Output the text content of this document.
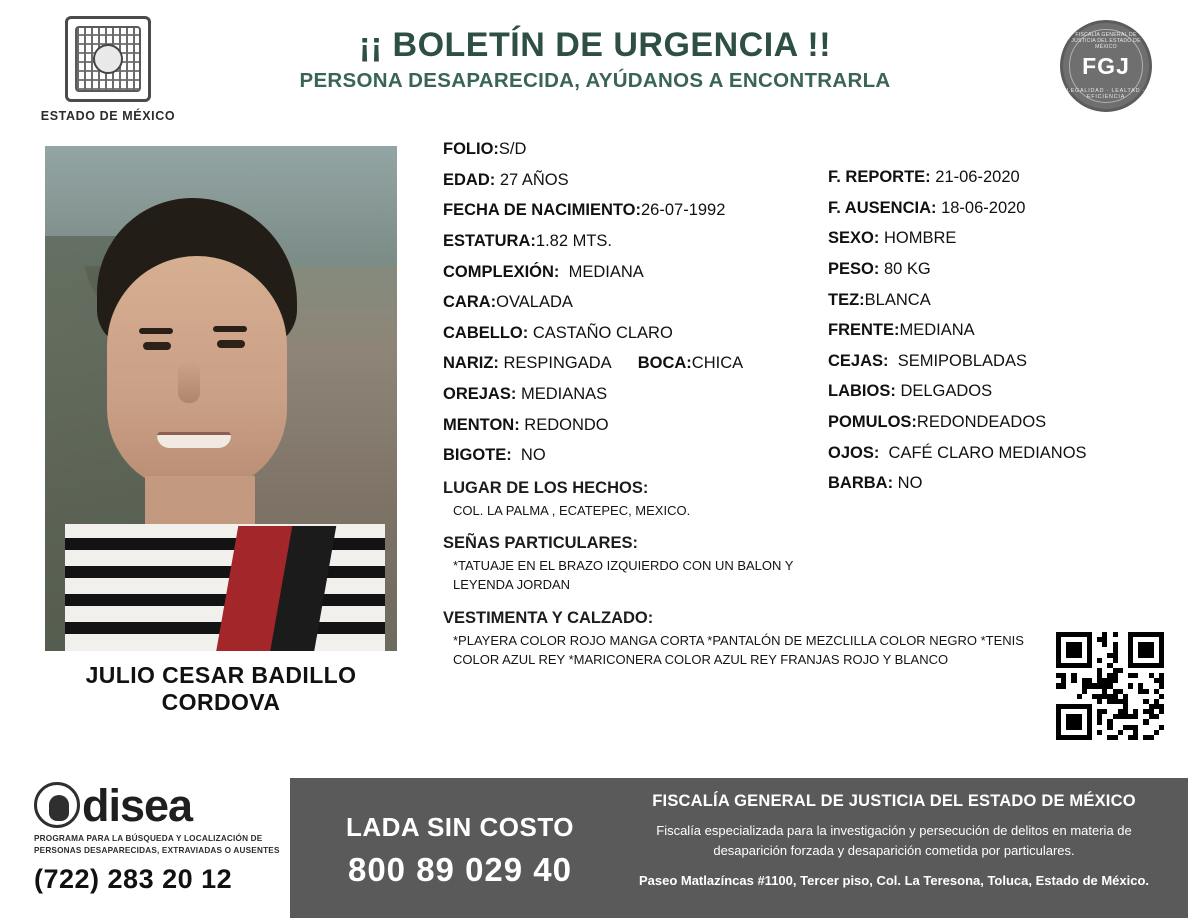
ESTADO DE MÉXICO
¡¡ BOLETÍN DE URGENCIA !!
PERSONA DESAPARECIDA, AYÚDANOS A ENCONTRARLA
FISCALÍA GENERAL DE JUSTICIA DEL ESTADO DE MÉXICO
FGJ
LEGALIDAD · LEALTAD · EFICIENCIA
JULIO CESAR BADILLO CORDOVA
FOLIO:S/D
EDAD: 27 AÑOS
FECHA DE NACIMIENTO:26-07-1992
ESTATURA:1.82 MTS.
COMPLEXIÓN: MEDIANA
CARA:OVALADA
CABELLO: CASTAÑO CLARO
NARIZ: RESPINGADA BOCA:CHICA
OREJAS: MEDIANAS
MENTON: REDONDO
BIGOTE: NO
LUGAR DE LOS HECHOS:
COL. LA PALMA , ECATEPEC, MEXICO.
SEÑAS PARTICULARES:
*TATUAJE EN EL BRAZO IZQUIERDO CON UN BALON Y LEYENDA JORDAN
VESTIMENTA Y CALZADO:
*PLAYERA COLOR ROJO MANGA CORTA *PANTALÓN DE MEZCLILLA COLOR NEGRO *TENIS COLOR AZUL REY *MARICONERA COLOR AZUL REY FRANJAS ROJO Y BLANCO
F. REPORTE: 21-06-2020
F. AUSENCIA: 18-06-2020
SEXO: HOMBRE
PESO: 80 KG
TEZ:BLANCA
FRENTE:MEDIANA
CEJAS: SEMIPOBLADAS
LABIOS: DELGADOS
POMULOS:REDONDEADOS
OJOS: CAFÉ CLARO MEDIANOS
BARBA: NO
LADA SIN COSTO
800 89 029 40
FISCALÍA GENERAL DE JUSTICIA DEL ESTADO DE MÉXICO
Fiscalía especializada para la investigación y persecución de delitos en materia de desaparición forzada y desaparición cometida por particulares.
Paseo Matlazíncas #1100, Tercer piso, Col. La Teresona, Toluca, Estado de México.
disea
PROGRAMA PARA LA BÚSQUEDA Y LOCALIZACIÓN DE PERSONAS DESAPARECIDAS, EXTRAVIADAS O AUSENTES
(722) 283 20 12
